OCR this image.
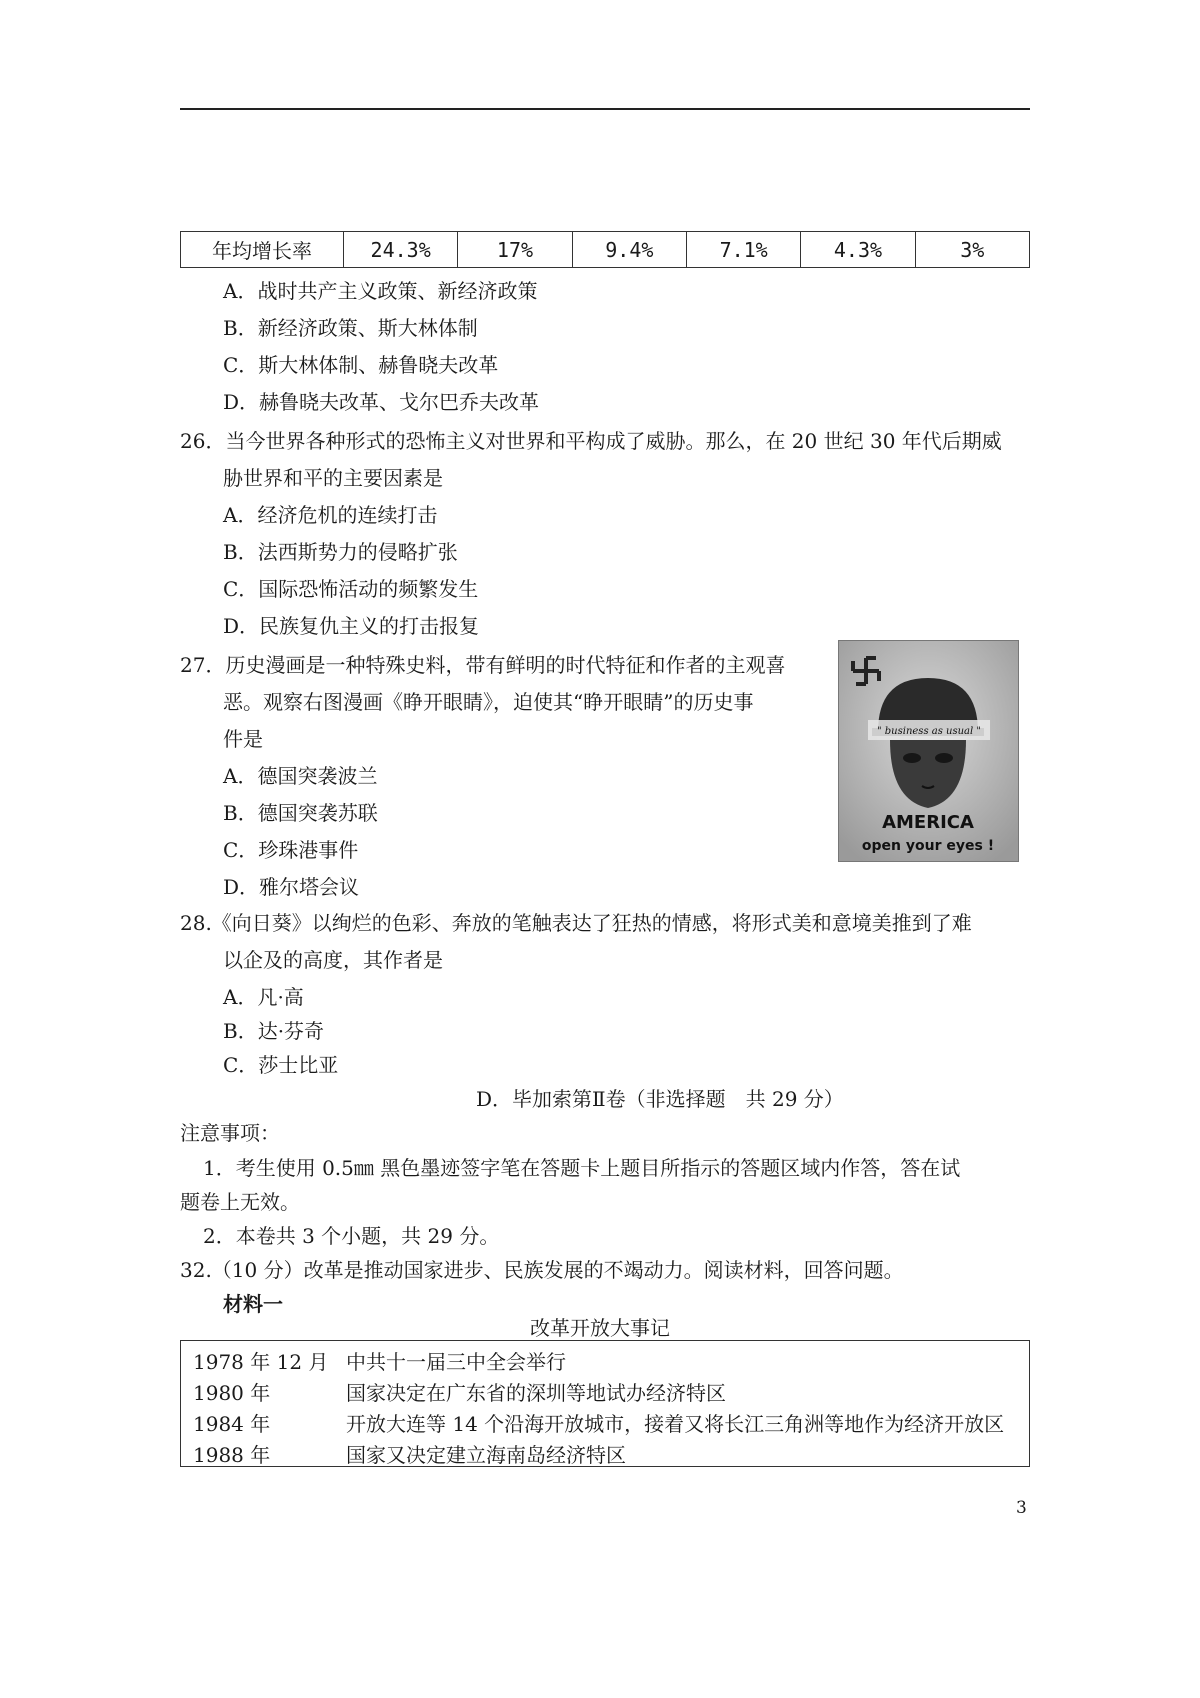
年均增长率	24.3%	17%	9.4%	7.1%	4.3%	3%
A．战时共产主义政策、新经济政策
B．新经济政策、斯大林体制
C．斯大林体制、赫鲁晓夫改革
D．赫鲁晓夫改革、戈尔巴乔夫改革
26．当今世界各种形式的恐怖主义对世界和平构成了威胁。那么，在 20 世纪 30 年代后期威
胁世界和平的主要因素是
A．经济危机的连续打击
B．法西斯势力的侵略扩张
C．国际恐怖活动的频繁发生
D．民族复仇主义的打击报复
27．历史漫画是一种特殊史料，带有鲜明的时代特征和作者的主观喜
恶。观察右图漫画《睁开眼睛》，迫使其“睁开眼睛”的历史事
件是
A．德国突袭波兰
B．德国突袭苏联
C．珍珠港事件
D．雅尔塔会议
" business as usual "
AMERICA
open your eyes !
28.《向日葵》以绚烂的色彩、奔放的笔触表达了狂热的情感，将形式美和意境美推到了难
以企及的高度，其作者是
A．凡·高
B．达·芬奇
C．莎士比亚
D．毕加索第Ⅱ卷（非选择题　共 29 分）
注意事项：
1．考生使用 0.5㎜ 黑色墨迹签字笔在答题卡上题目所指示的答题区域内作答，答在试
题卷上无效。
2．本卷共 3 个小题，共 29 分。
32.（10 分）改革是推动国家进步、民族发展的不竭动力。阅读材料，回答问题。
材料一
改革开放大事记
1978 年 12 月 中共十一届三中全会举行
1980 年	国家决定在广东省的深圳等地试办经济特区
1984 年	开放大连等 14 个沿海开放城市，接着又将长江三角洲等地作为经济开放区
1988 年	国家又决定建立海南岛经济特区
3
